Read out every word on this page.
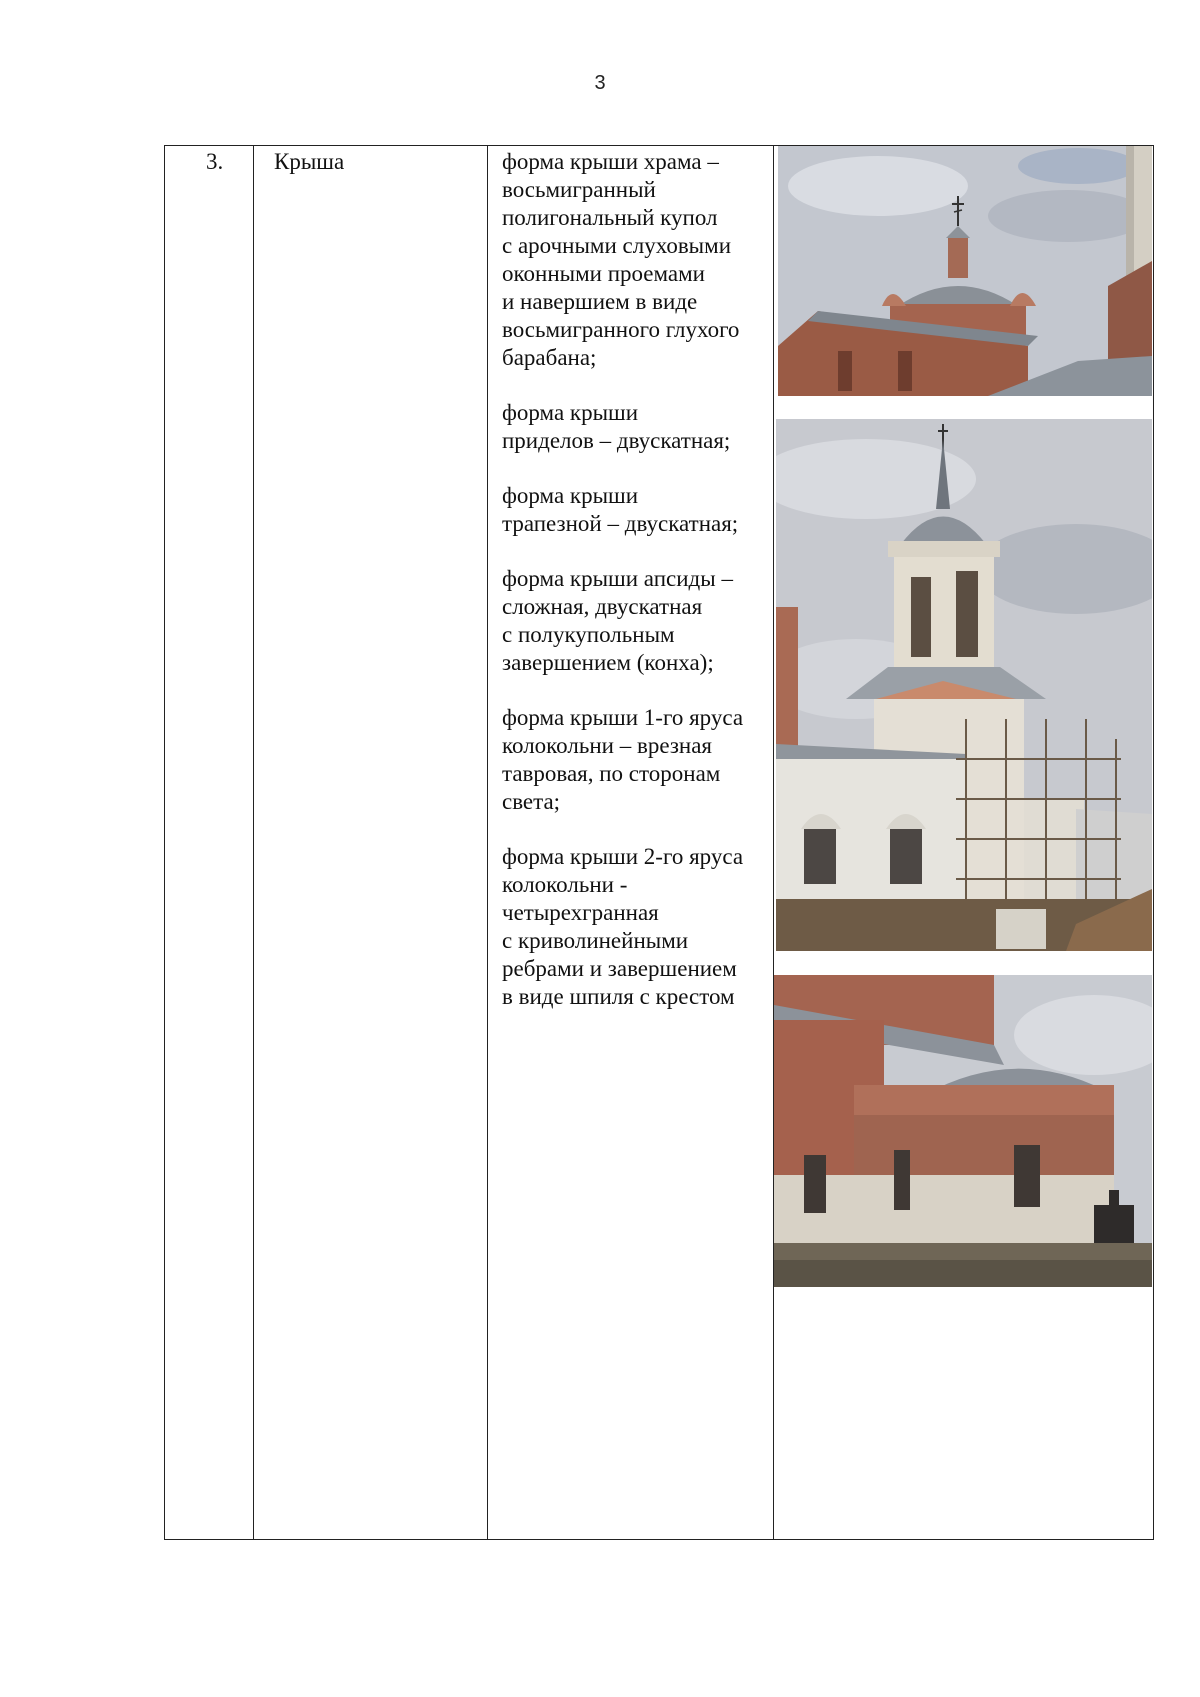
3
3.	Крыша	форма крыши храма –
восьмигранный
полигональный купол
с арочными слуховыми
оконными проемами
и навершием в виде
восьмигранного глухого
барабана;

форма крыши
приделов – двускатная;

форма крыши
трапезной – двускатная;

форма крыши апсиды –
сложная, двускатная
с полукупольным
завершением (конха);

форма крыши 1-го яруса
колокольни – врезная
тавровая, по сторонам
света;

форма крыши 2-го яруса
колокольни -
четырехгранная
с криволинейными
ребрами и завершением
в виде шпиля с крестом
